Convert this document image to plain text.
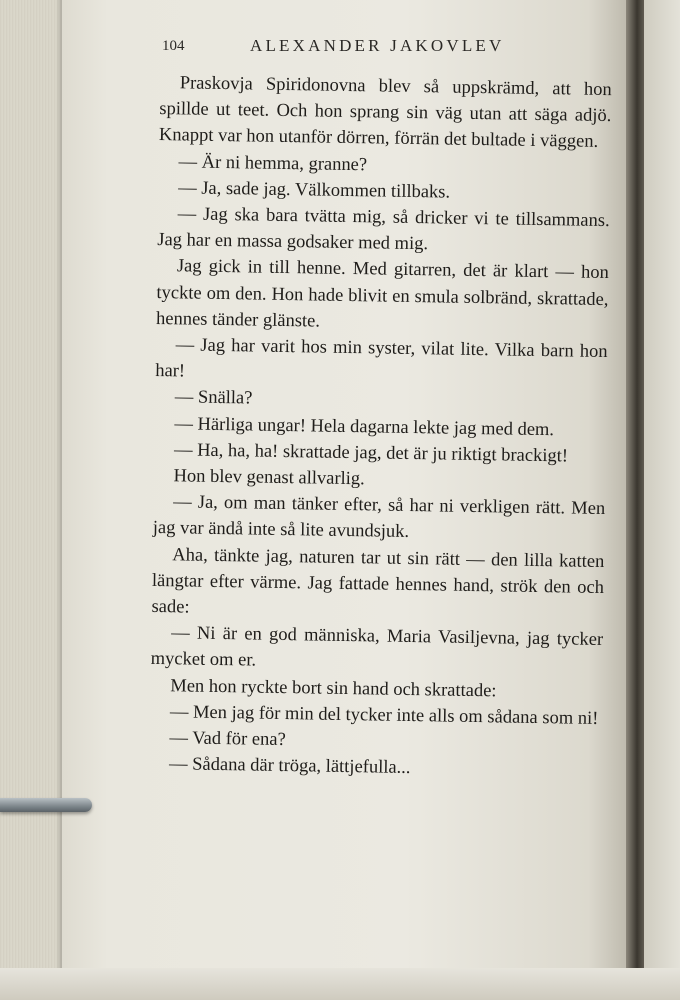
104	ALEXANDER JAKOVLEV

Praskovja Spiridonovna blev så uppskrämd, att hon spillde ut teet. Och hon sprang sin väg utan att säga adjö. Knappt var hon utanför dörren, förrän det bultade i väggen.

— Är ni hemma, granne?

— Ja, sade jag. Välkommen tillbaks.

— Jag ska bara tvätta mig, så dricker vi te tillsammans. Jag har en massa godsaker med mig.

Jag gick in till henne. Med gitarren, det är klart — hon tyckte om den. Hon hade blivit en smula solbränd, skrattade, hennes tänder glänste.

— Jag har varit hos min syster, vilat lite. Vilka barn hon har!

— Snälla?

— Härliga ungar! Hela dagarna lekte jag med dem.

— Ha, ha, ha! skrattade jag, det är ju riktigt brackigt!

Hon blev genast allvarlig.

— Ja, om man tänker efter, så har ni verkligen rätt. Men jag var ändå inte så lite avundsjuk.

Aha, tänkte jag, naturen tar ut sin rätt — den lilla katten längtar efter värme. Jag fattade hennes hand, strök den och sade:

— Ni är en god människa, Maria Vasiljevna, jag tycker mycket om er.

Men hon ryckte bort sin hand och skrattade:

— Men jag för min del tycker inte alls om sådana som ni!

— Vad för ena?

— Sådana där tröga, lättjefulla...
